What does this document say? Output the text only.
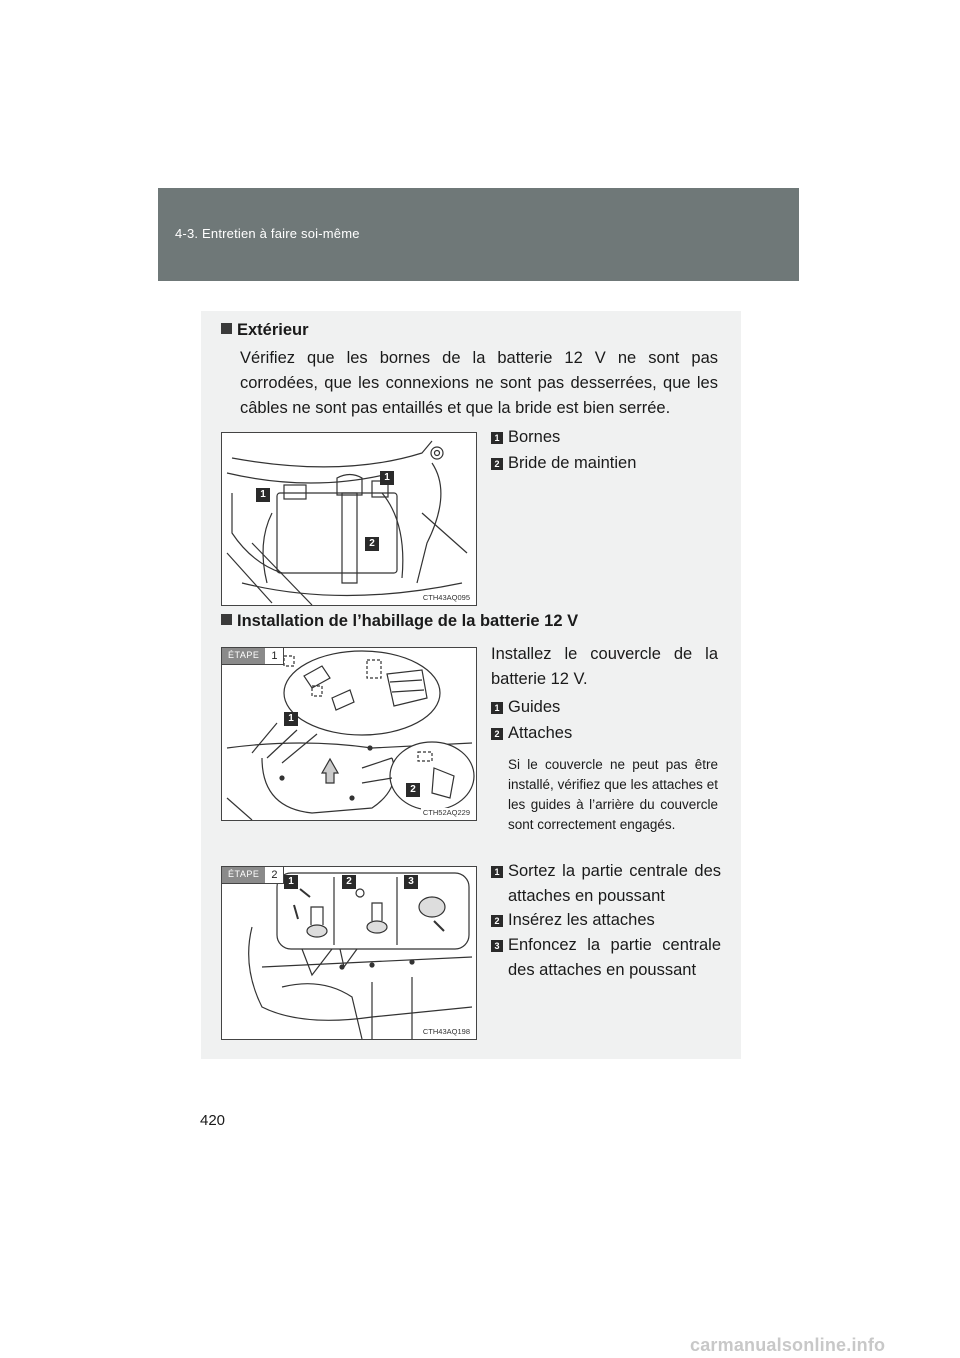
4-3. Entretien à faire soi-même
Extérieur
Vérifiez que les bornes de la batterie 12 V ne sont pas corrodées, que les connexions ne sont pas desserrées, que les câbles ne sont pas entaillés et que la bride est bien serrée.
1
1
2
CTH43AQ095
1 Bornes
2 Bride de maintien
Installation de l’habillage de la batterie 12 V
ÉTAPE	1
1
2
CTH52AQ229
Installez le couvercle de la batterie 12 V.
1 Guides
2 Attaches
Si le couvercle ne peut pas être installé, vérifiez que les attaches et les guides à l’arrière du couvercle sont correctement engagés.
ÉTAPE	2
1	2	3
CTH43AQ198
1 Sortez la partie centrale des attaches en poussant
2 Insérez les attaches
3 Enfoncez la partie centrale des attaches en poussant
420
carmanualsonline.info
